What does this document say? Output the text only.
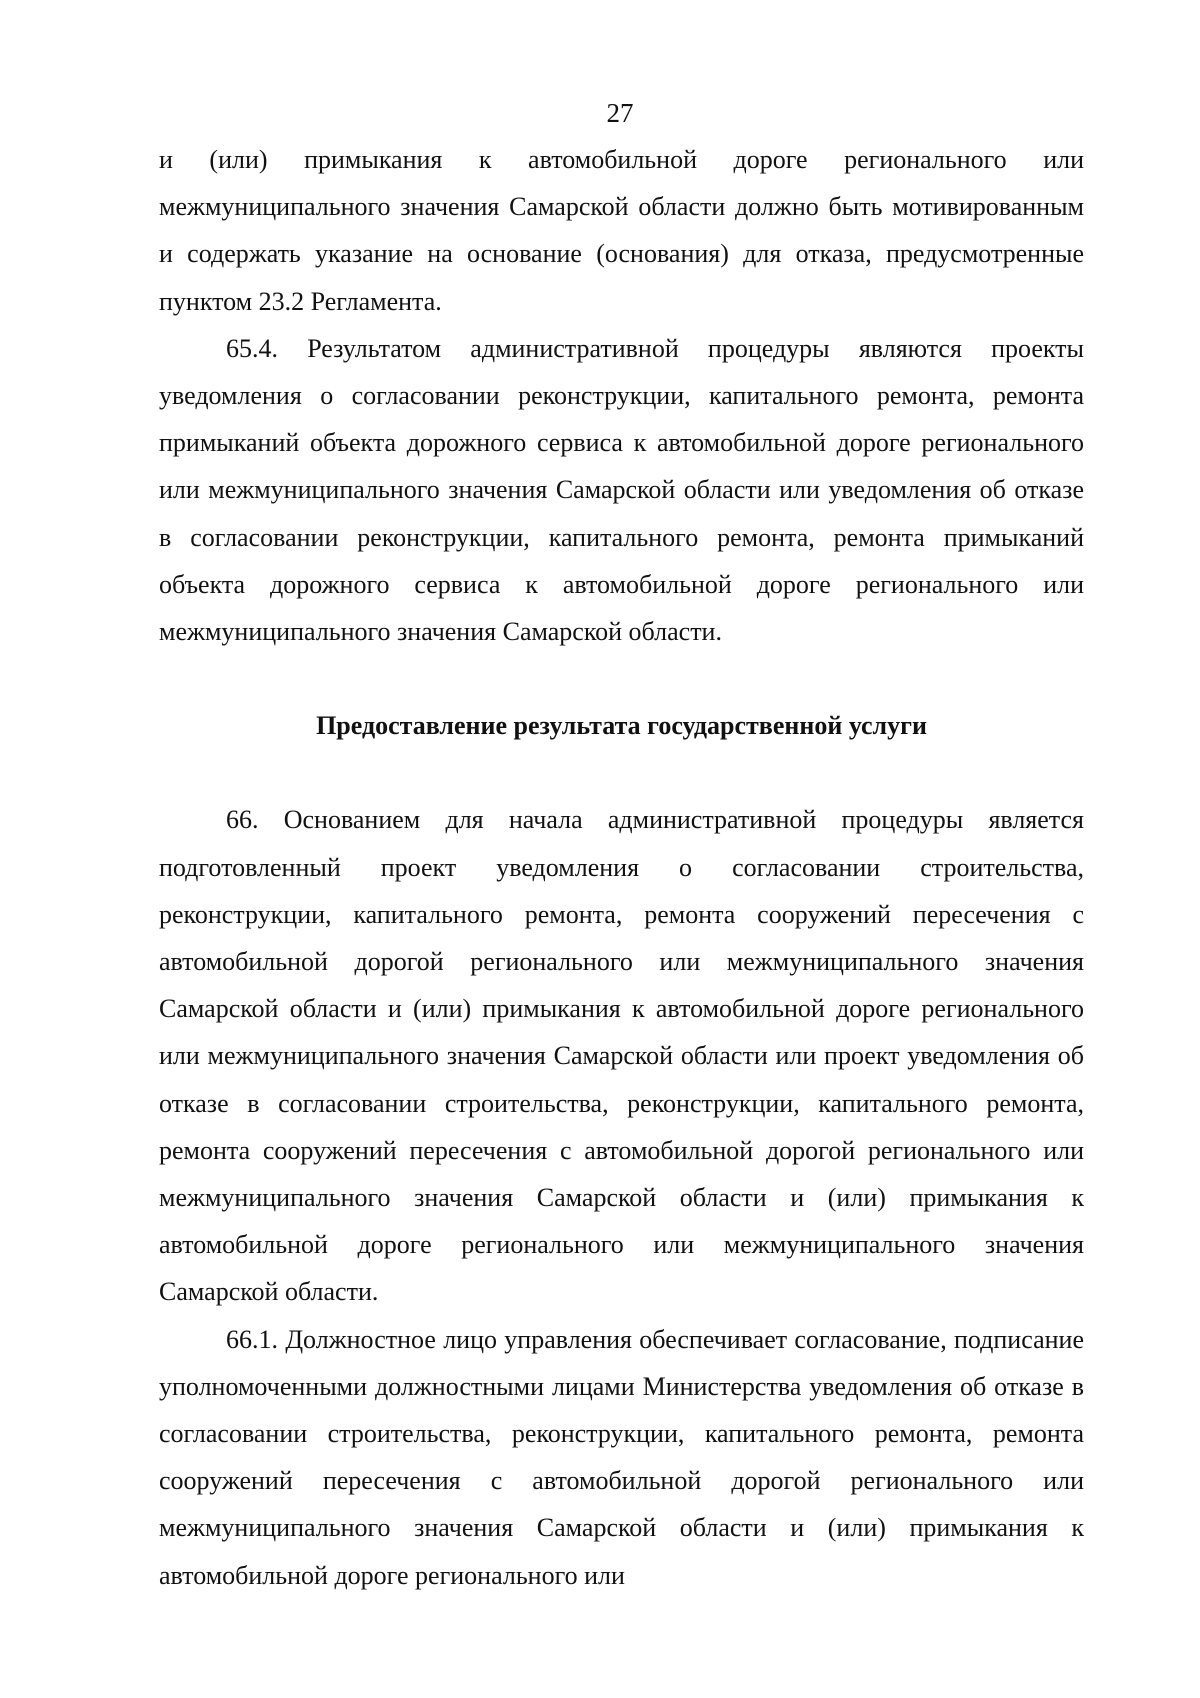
27

и (или) примыкания к автомобильной дороге регионального или межмуниципального значения Самарской области должно быть мотивированным и содержать указание на основание (основания) для отказа, предусмотренные пунктом 23.2 Регламента.

65.4. Результатом административной процедуры являются проекты уведомления о согласовании реконструкции, капитального ремонта, ремонта примыканий объекта дорожного сервиса к автомобильной дороге регионального или межмуниципального значения Самарской области или уведомления об отказе в согласовании реконструкции, капитального ремонта, ремонта примыканий объекта дорожного сервиса к автомобильной дороге регионального или межмуниципального значения Самарской области.

Предоставление результата государственной услуги

66. Основанием для начала административной процедуры является подготовленный проект уведомления о согласовании строительства, реконструкции, капитального ремонта, ремонта сооружений пересечения с автомобильной дорогой регионального или межмуниципального значения Самарской области и (или) примыкания к автомобильной дороге регионального или межмуниципального значения Самарской области или проект уведомления об отказе в согласовании строительства, реконструкции, капитального ремонта, ремонта сооружений пересечения с автомобильной дорогой регионального или межмуниципального значения Самарской области и (или) примыкания к автомобильной дороге регионального или межмуниципального значения Самарской области.

66.1. Должностное лицо управления обеспечивает согласование, подписание уполномоченными должностными лицами Министерства уведомления об отказе в согласовании строительства, реконструкции, капитального ремонта, ремонта сооружений пересечения с автомобильной дорогой регионального или межмуниципального значения Самарской области и (или) примыкания к автомобильной дороге регионального или
